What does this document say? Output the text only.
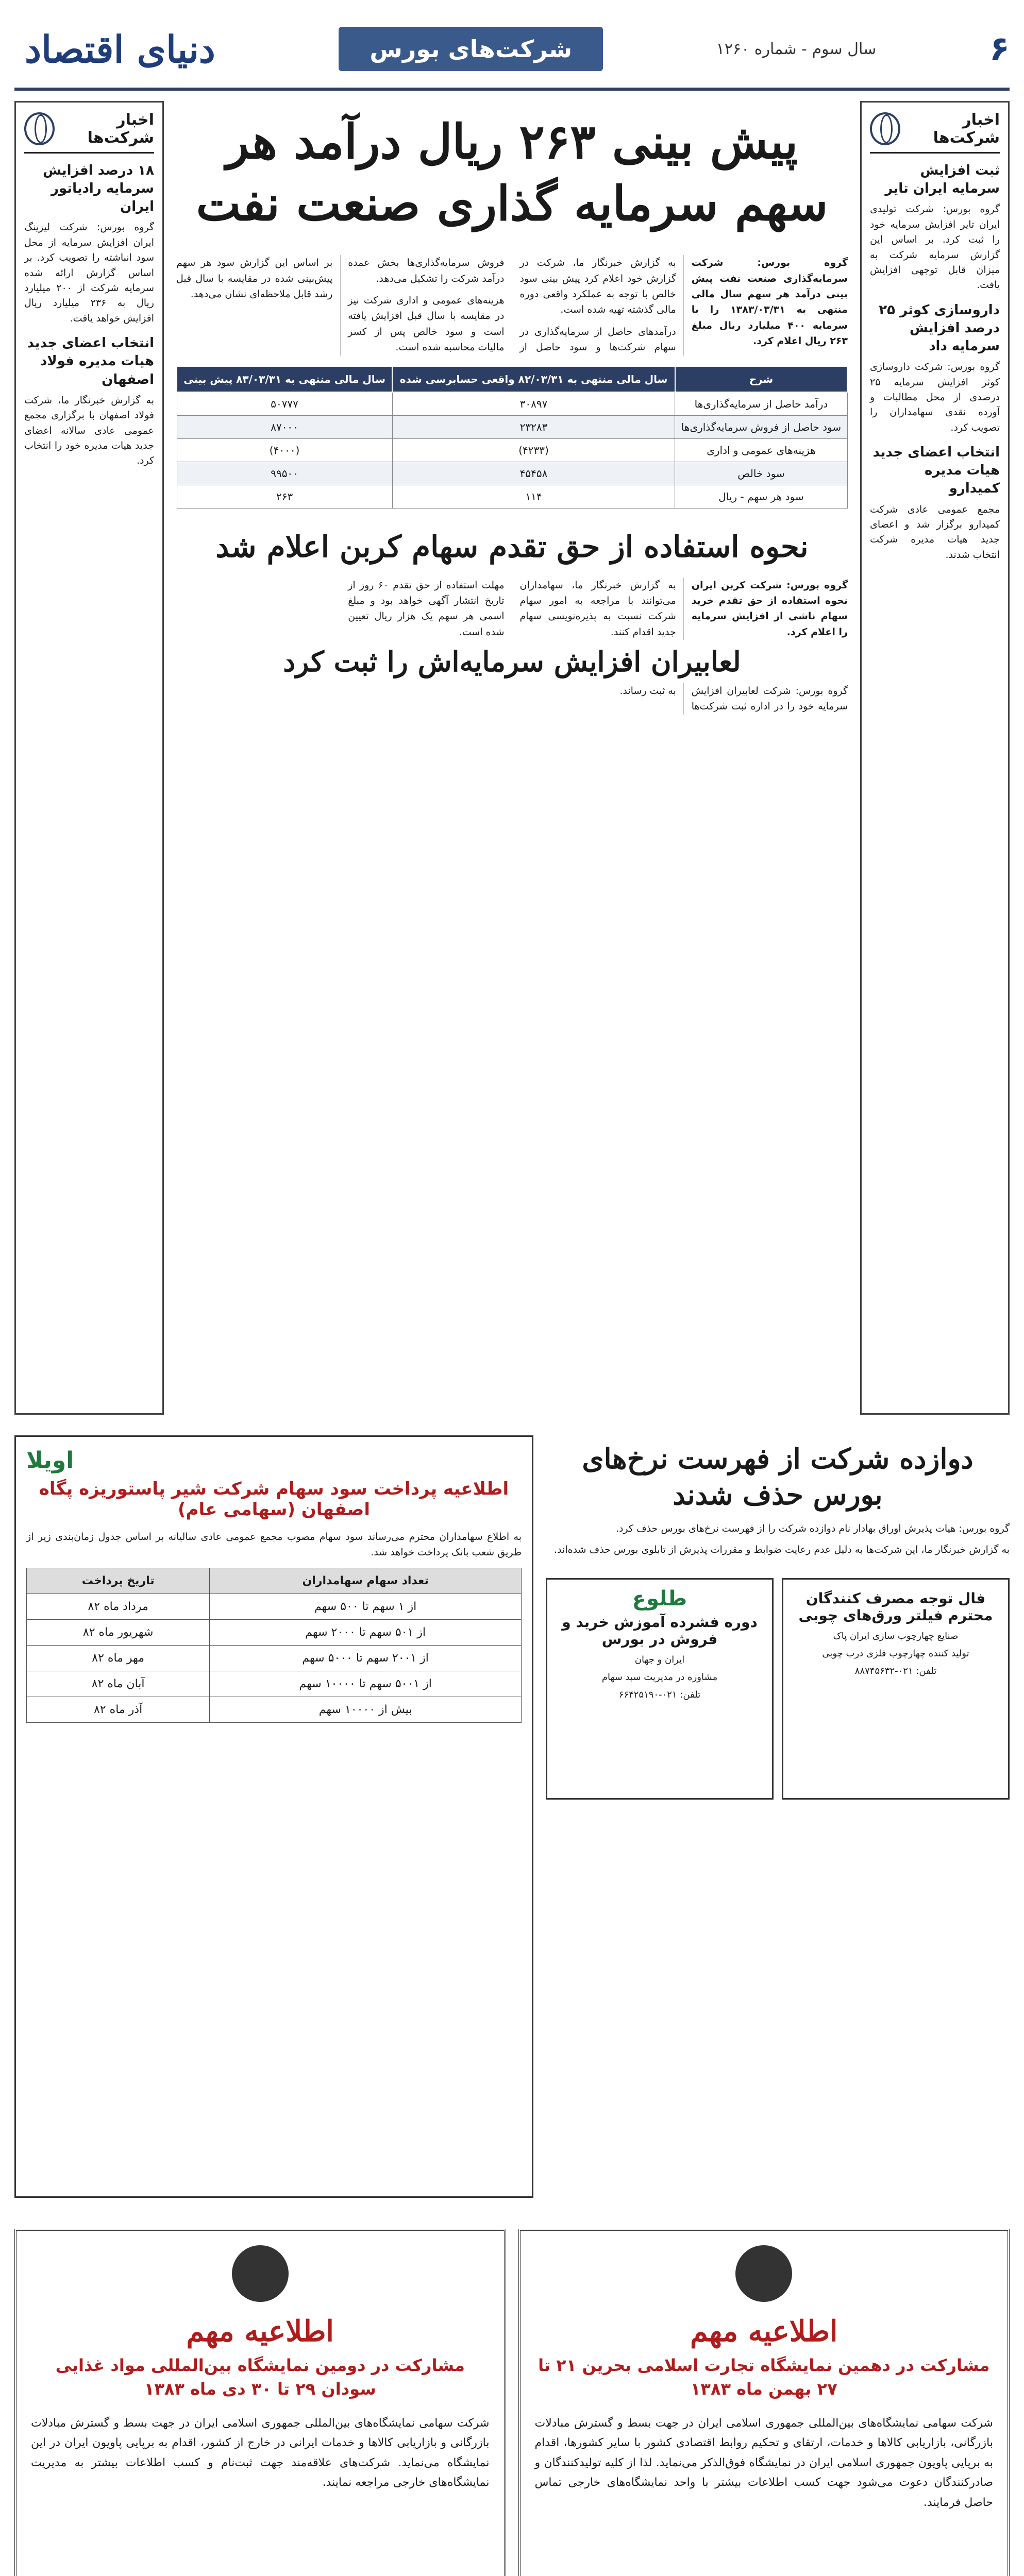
۶
سال سوم - شماره ۱۲۶۰
شرکت‌های بورس
دنیای اقتصاد
اخبار شرکت‌ها
ثبت افزایش سرمایه ایران تایر

گروه بورس: شرکت تولیدی ایران تایر افزایش سرمایه خود را ثبت کرد. بر اساس این گزارش سرمایه شرکت به میزان قابل توجهی افزایش یافت.

داروسازی کوثر ۲۵ درصد افزایش سرمایه داد

گروه بورس: شرکت داروسازی کوثر افزایش سرمایه ۲۵ درصدی از محل مطالبات و آورده نقدی سهامداران را تصویب کرد.

انتخاب اعضای جدید هیات مدیره کمیدارو

مجمع عمومی عادی شرکت کمیدارو برگزار شد و اعضای جدید هیات مدیره شرکت انتخاب شدند.

پیش بینی ۲۶۳ ریال درآمد هر سهم سرمایه گذاری صنعت نفت

گروه بورس: شرکت سرمایه‌گذاری صنعت نفت پیش بینی درآمد هر سهم سال مالی منتهی به ۱۳۸۳/۰۳/۳۱ را با سرمایه ۴۰۰ میلیارد ریال مبلغ ۲۶۳ ریال اعلام کرد.

به گزارش خبرنگار ما، شرکت در گزارش خود اعلام کرد پیش بینی سود خالص با توجه به عملکرد واقعی دوره مالی گذشته تهیه شده است.

درآمدهای حاصل از سرمایه‌گذاری در سهام شرکت‌ها و سود حاصل از فروش سرمایه‌گذاری‌ها بخش عمده درآمد شرکت را تشکیل می‌دهد.

هزینه‌های عمومی و اداری شرکت نیز در مقایسه با سال قبل افزایش یافته است و سود خالص پس از کسر مالیات محاسبه شده است.

بر اساس این گزارش سود هر سهم پیش‌بینی شده در مقایسه با سال قبل رشد قابل ملاحظه‌ای نشان می‌دهد.

شرح	سال مالی منتهی به ۸۲/۰۳/۳۱ واقعی حسابرسی شده	سال مالی منتهی به ۸۳/۰۳/۳۱ پیش بینی
درآمد حاصل از سرمایه‌گذاری‌ها	۳۰۸۹۷	۵۰۷۷۷
سود حاصل از فروش سرمایه‌گذاری‌ها	۲۳۲۸۳	۸۷۰۰۰
هزینه‌های عمومی و اداری	(۴۲۳۳)	(۴۰۰۰)
سود خالص	۴۵۴۵۸	۹۹۵۰۰
سود هر سهم - ریال	۱۱۴	۲۶۳
نحوه استفاده از حق تقدم سهام کربن اعلام شد

گروه بورس: شرکت کربن ایران نحوه استفاده از حق تقدم خرید سهام ناشی از افزایش سرمایه را اعلام کرد.

به گزارش خبرنگار ما، سهامداران می‌توانند با مراجعه به امور سهام شرکت نسبت به پذیره‌نویسی سهام جدید اقدام کنند.

مهلت استفاده از حق تقدم ۶۰ روز از تاریخ انتشار آگهی خواهد بود و مبلغ اسمی هر سهم یک هزار ریال تعیین شده است.

لعابیران افزایش سرمایه‌اش را ثبت کرد

گروه بورس: شرکت لعابیران افزایش سرمایه خود را در اداره ثبت شرکت‌ها به ثبت رساند.

اخبار شرکت‌ها
۱۸ درصد افزایش سرمایه رادیاتور ایران

گروه بورس: شرکت لیزینگ ایران افزایش سرمایه از محل سود انباشته را تصویب کرد. بر اساس گزارش ارائه شده سرمایه شرکت از ۲۰۰ میلیارد ریال به ۲۳۶ میلیارد ریال افزایش خواهد یافت.

انتخاب اعضای جدید هیات مدیره فولاد اصفهان

به گزارش خبرنگار ما، شرکت فولاد اصفهان با برگزاری مجمع عمومی عادی سالانه اعضای جدید هیات مدیره خود را انتخاب کرد.

دوازده شرکت از فهرست نرخ‌های بورس حذف شدند

گروه بورس: هیات پذیرش اوراق بهادار نام دوازده شرکت را از فهرست نرخ‌های بورس حذف کرد.

به گزارش خبرنگار ما، این شرکت‌ها به دلیل عدم رعایت ضوابط و مقررات پذیرش از تابلوی بورس حذف شده‌اند.

فال توجه مصرف کنندگان محترم فیلتر ورق‌های چوبی

صنایع چهارچوب سازی ایران پاک

تولید کننده چهارچوب فلزی درب چوبی

تلفن: ۰۲۱-۸۸۷۴۵۶۳۲

طلوع
دوره فشرده آموزش خرید و فروش در بورس

ایران و جهان

مشاوره در مدیریت سبد سهام

تلفن: ۰۲۱-۶۶۴۲۵۱۹۰

اویلا
اطلاعیه پرداخت سود سهام شرکت شیر پاستوریزه پگاه اصفهان (سهامی عام)

به اطلاع سهامداران محترم می‌رساند سود سهام مصوب مجمع عمومی عادی سالیانه بر اساس جدول زمان‌بندی زیر از طریق شعب بانک پرداخت خواهد شد.

تعداد سهام سهامداران	تاریخ پرداخت
از ۱ سهم تا ۵۰۰ سهم	مرداد ماه ۸۲
از ۵۰۱ سهم تا ۲۰۰۰ سهم	شهریور ماه ۸۲
از ۲۰۰۱ سهم تا ۵۰۰۰ سهم	مهر ماه ۸۲
از ۵۰۰۱ سهم تا ۱۰۰۰۰ سهم	آبان ماه ۸۲
بیش از ۱۰۰۰۰ سهم	آذر ماه ۸۲
اطلاعیه مهم
مشارکت در دهمین نمایشگاه تجارت اسلامی بحرین ۲۱ تا ۲۷ بهمن ماه ۱۳۸۳

شرکت سهامی نمایشگاه‌های بین‌المللی جمهوری اسلامی ایران در جهت بسط و گسترش مبادلات بازرگانی، بازاریابی کالاها و خدمات، ارتقای و تحکیم روابط اقتصادی کشور با سایر کشورها، اقدام به برپایی پاویون جمهوری اسلامی ایران در نمایشگاه فوق‌الذکر می‌نماید. لذا از کلیه تولیدکنندگان و صادرکنندگان دعوت می‌شود جهت کسب اطلاعات بیشتر با واحد نمایشگاه‌های خارجی تماس حاصل فرمایند.

اطلاعیه مهم
مشارکت در دومین نمایشگاه بین‌المللی مواد غذایی سودان ۲۹ تا ۳۰ دی ماه ۱۳۸۳

شرکت سهامی نمایشگاه‌های بین‌المللی جمهوری اسلامی ایران در جهت بسط و گسترش مبادلات بازرگانی و بازاریابی کالاها و خدمات ایرانی در خارج از کشور، اقدام به برپایی پاویون ایران در این نمایشگاه می‌نماید. شرکت‌های علاقه‌مند جهت ثبت‌نام و کسب اطلاعات بیشتر به مدیریت نمایشگاه‌های خارجی مراجعه نمایند.
